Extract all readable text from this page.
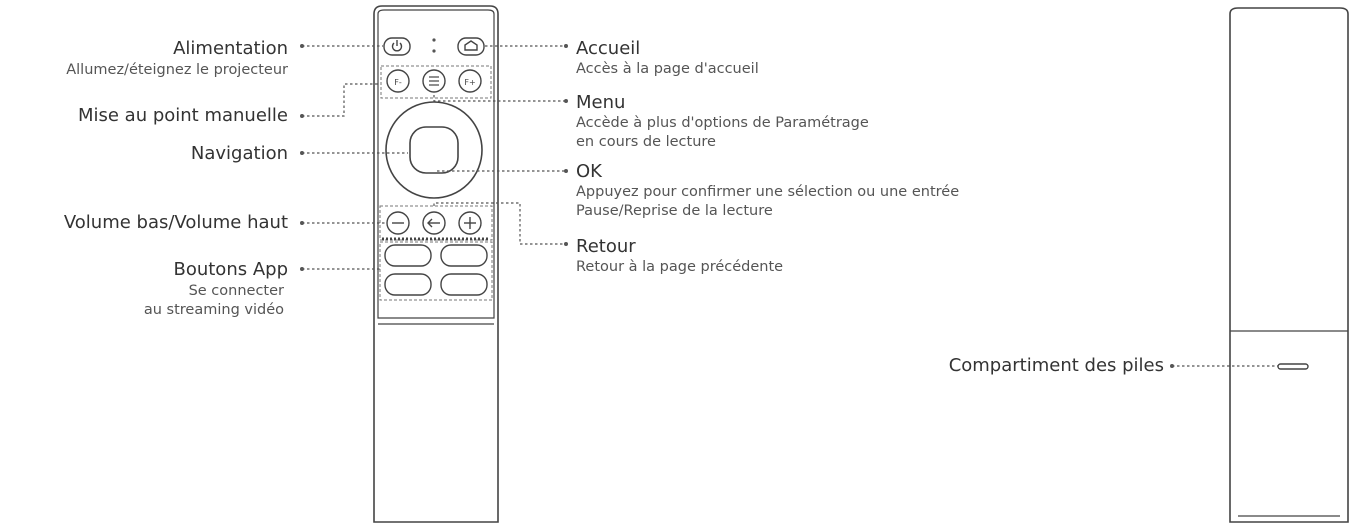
F-	F+
Alimentation
Allumez/éteignez le projecteur
Mise au point manuelle
Navigation
Volume bas/Volume haut
Boutons App
Se connecter
au streaming vidéo
Accueil
Accès à la page d'accueil
Menu
Accède à plus d'options de Paramétrage
en cours de lecture
OK
Appuyez pour confirmer une sélection ou une entrée
Pause/Reprise de la lecture
Retour
Retour à la page précédente
Compartiment des piles
